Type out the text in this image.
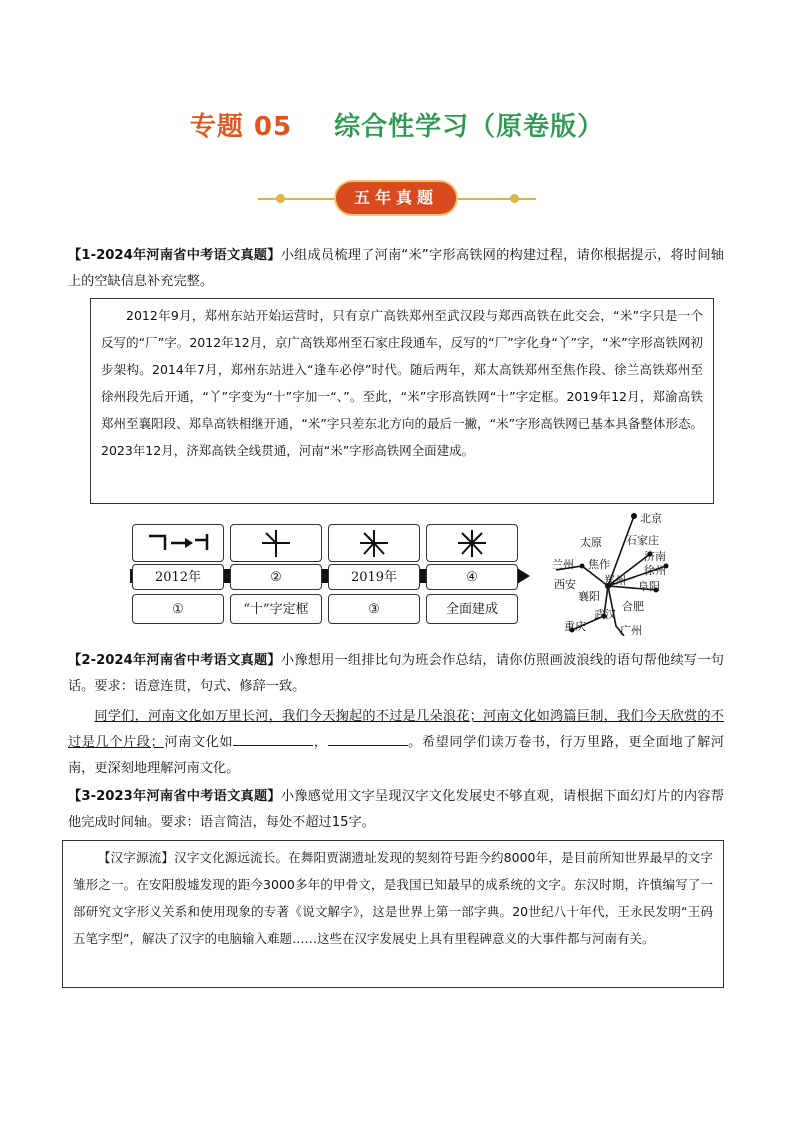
专题 05 综合性学习（原卷版）
五年真题
【1-2024年河南省中考语文真题】小组成员梳理了河南“米”字形高铁网的构建过程，请你根据提示，将时间轴上的空缺信息补充完整。
2012年9月，郑州东站开始运营时，只有京广高铁郑州至武汉段与郑西高铁在此交会，“米”字只是一个反写的“厂”字。2012年12月，京广高铁郑州至石家庄段通车，反写的“厂”字化身“丫”字，“米”字形高铁网初步架构。2014年7月，郑州东站进入“逢车必停”时代。随后两年，郑太高铁郑州至焦作段、徐兰高铁郑州至徐州段先后开通，“丫”字变为“十”字加一“、”。至此，“米”字形高铁网“十”字定框。2019年12月，郑渝高铁郑州至襄阳段、郑阜高铁相继开通，“米”字只差东北方向的最后一撇，“米”字形高铁网已基本具备整体形态。2023年12月，济郑高铁全线贯通，河南“米”字形高铁网全面建成。
2012年	②	2019年	④
①	“十”字定框	③	全面建成
北京
太原 石家庄
济南
兰州 焦作	徐州
西安	郑州 阜阳
襄阳
合肥
武汉
重庆	广州
【2-2024年河南省中考语文真题】小豫想用一组排比句为班会作总结，请你仿照画波浪线的语句帮他续写一句话。要求：语意连贯，句式、修辞一致。
同学们，河南文化如万里长河，我们今天掬起的不过是几朵浪花；河南文化如鸿篇巨制，我们今天欣赏的不过是几个片段；河南文化如	，	。希望同学们读万卷书，行万里路，更全面地了解河南，更深刻地理解河南文化。
【3-2023年河南省中考语文真题】小豫感觉用文字呈现汉字文化发展史不够直观，请根据下面幻灯片的内容帮他完成时间轴。要求：语言简洁，每处不超过15字。
【汉字源流】汉字文化源远流长。在舞阳贾湖遗址发现的契刻符号距今约8000年，是目前所知世界最早的文字雏形之一。在安阳殷墟发现的距今3000多年的甲骨文，是我国已知最早的成系统的文字。东汉时期，许慎编写了一部研究文字形义关系和使用现象的专著《说文解字》，这是世界上第一部字典。20世纪八十年代，王永民发明“王码五笔字型”，解决了汉字的电脑输入难题……这些在汉字发展史上具有里程碑意义的大事件都与河南有关。
